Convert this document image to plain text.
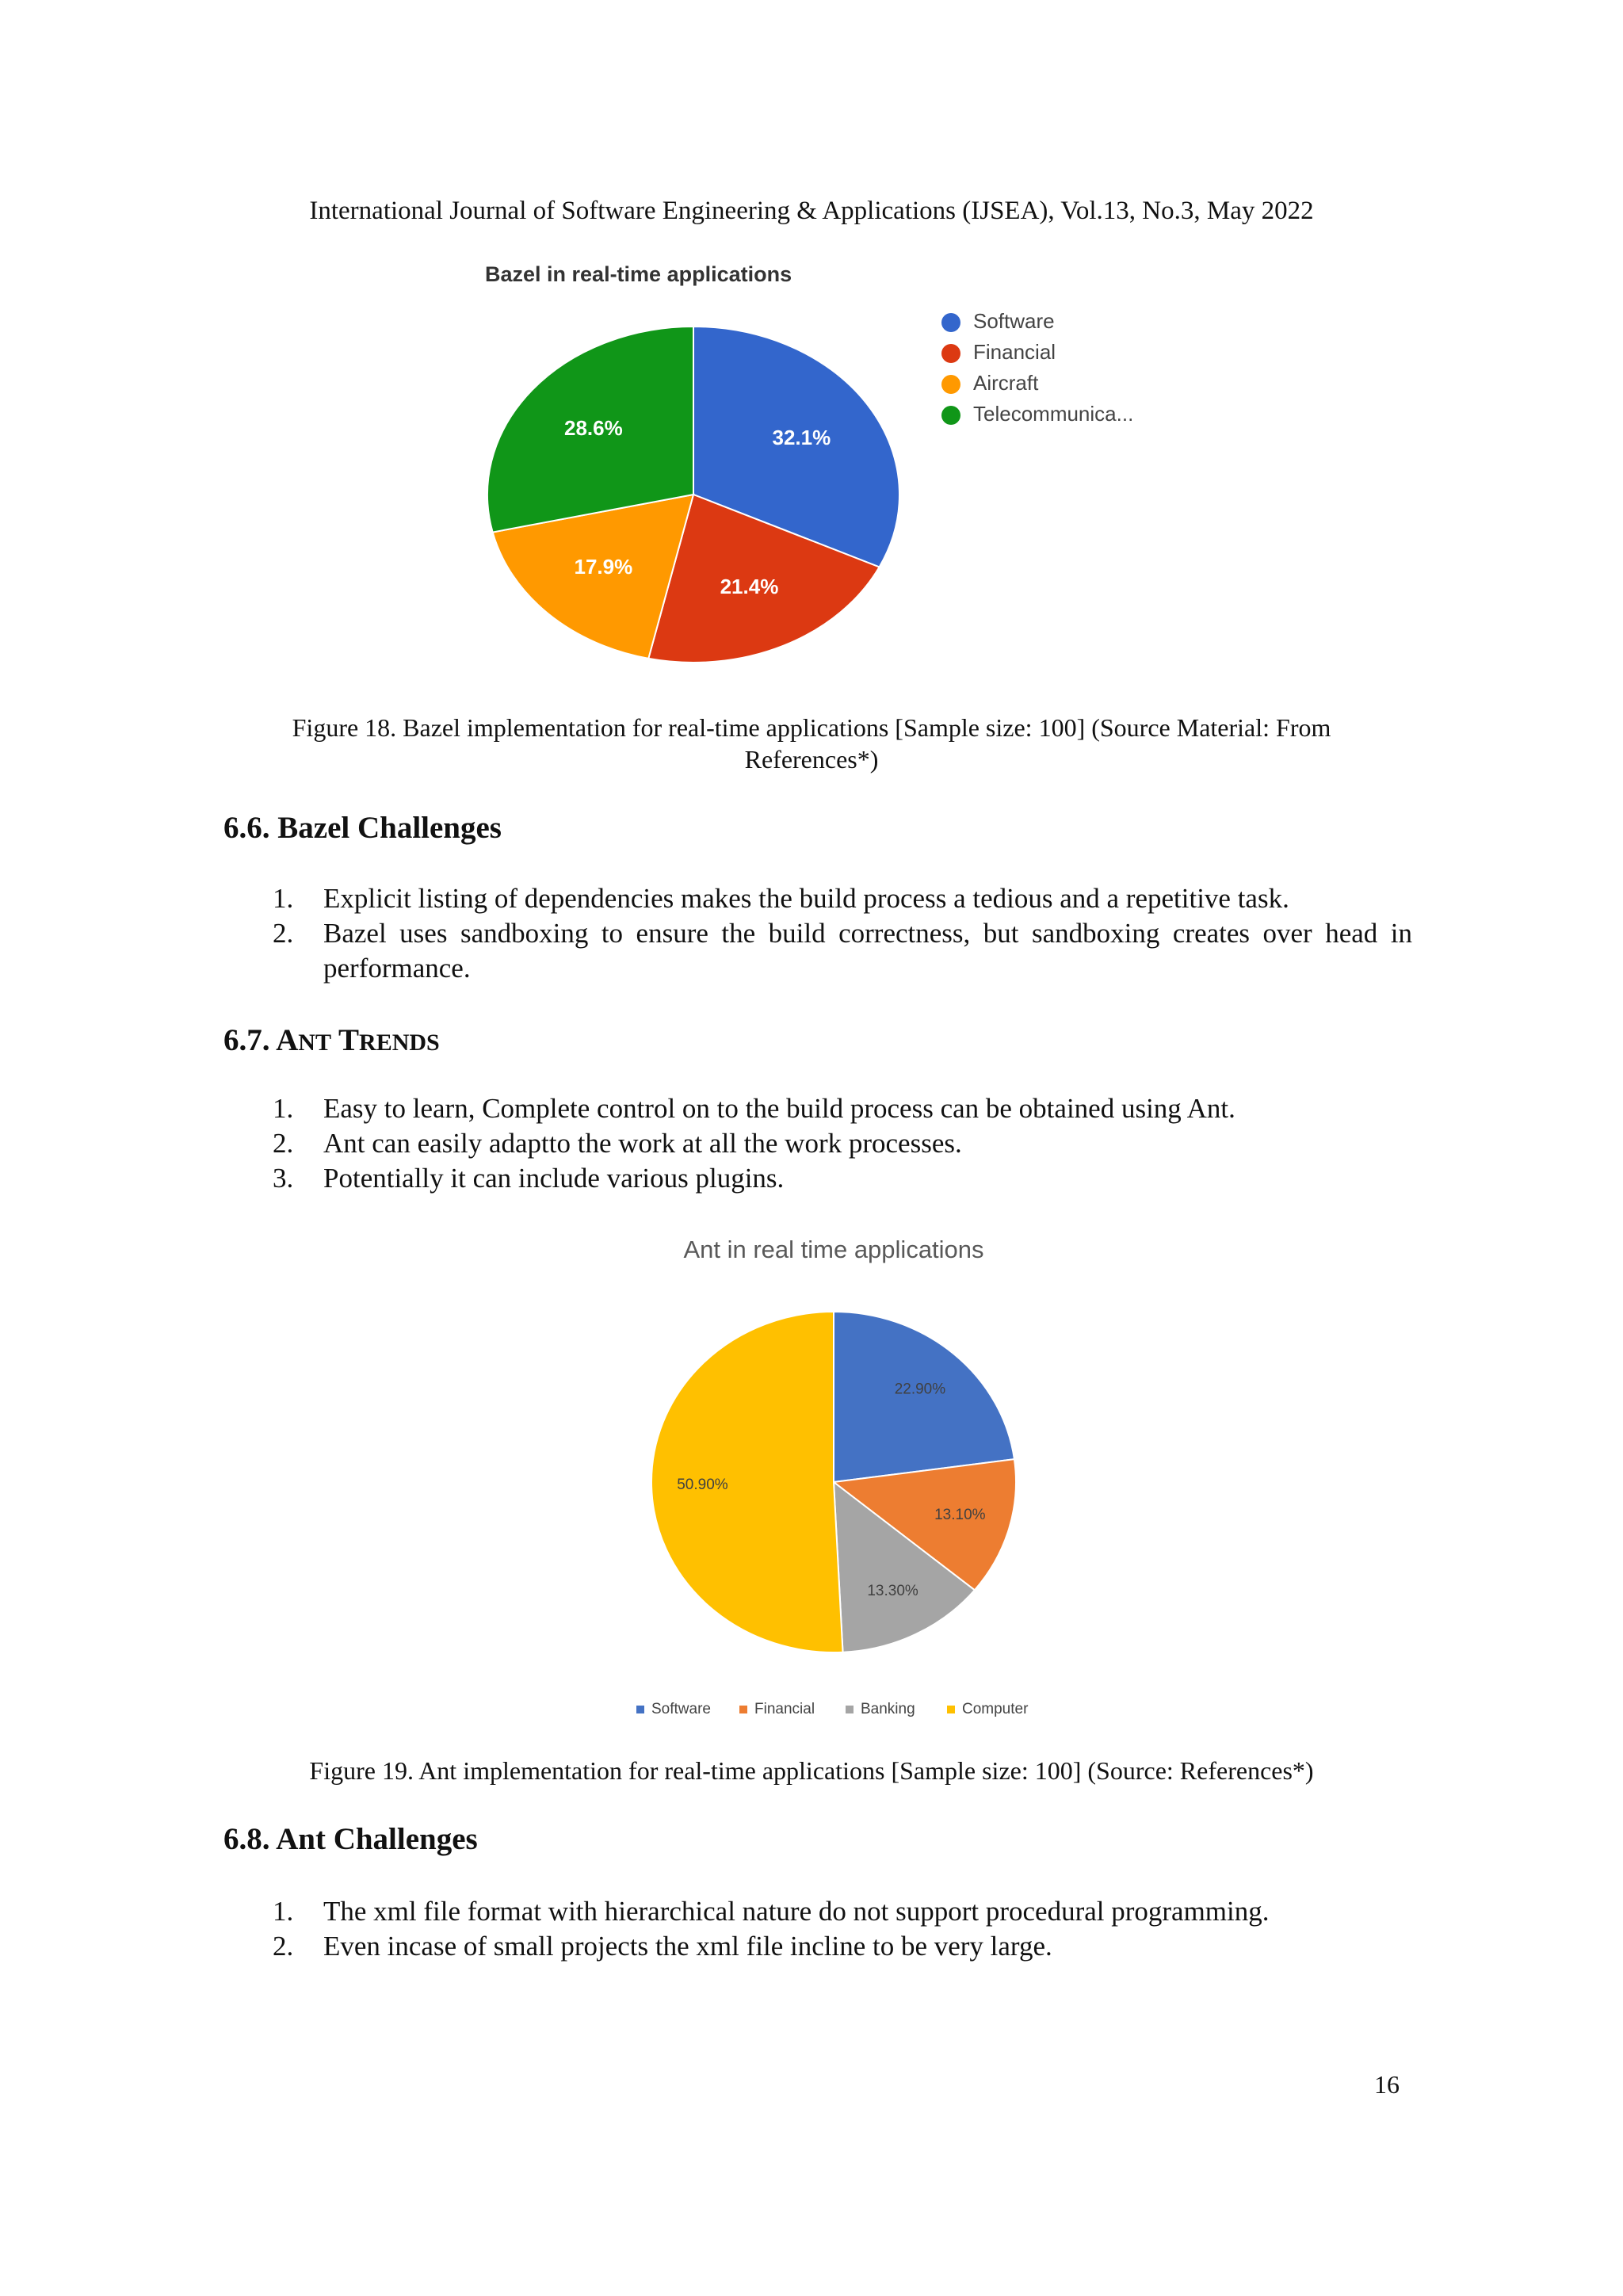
International Journal of Software Engineering & Applications (IJSEA), Vol.13, No.3, May 2022
Bazel in real-time applications
32.1%
21.4%
17.9%
28.6%
Software
Financial
Aircraft
Telecommunica...
Figure 18. Bazel implementation for real-time applications [Sample size: 100] (Source Material: From
References*)
6.6. Bazel Challenges
1. Explicit listing of dependencies makes the build process a tedious and a repetitive task.
2. Bazel uses sandboxing to ensure the build correctness, but sandboxing creates over head in performance.
6.7. ANT TRENDS
1. Easy to learn, Complete control on to the build process can be obtained using Ant.
2. Ant can easily adaptto the work at all the work processes.
3. Potentially it can include various plugins.
Ant in real time applications
22.90%
13.10%
13.30%
50.90%
Software	Financial	Banking	Computer
Figure 19. Ant implementation for real-time applications [Sample size: 100] (Source: References*)
6.8. Ant Challenges
1. The xml file format with hierarchical nature do not support procedural programming.
2. Even incase of small projects the xml file incline to be very large.
16
